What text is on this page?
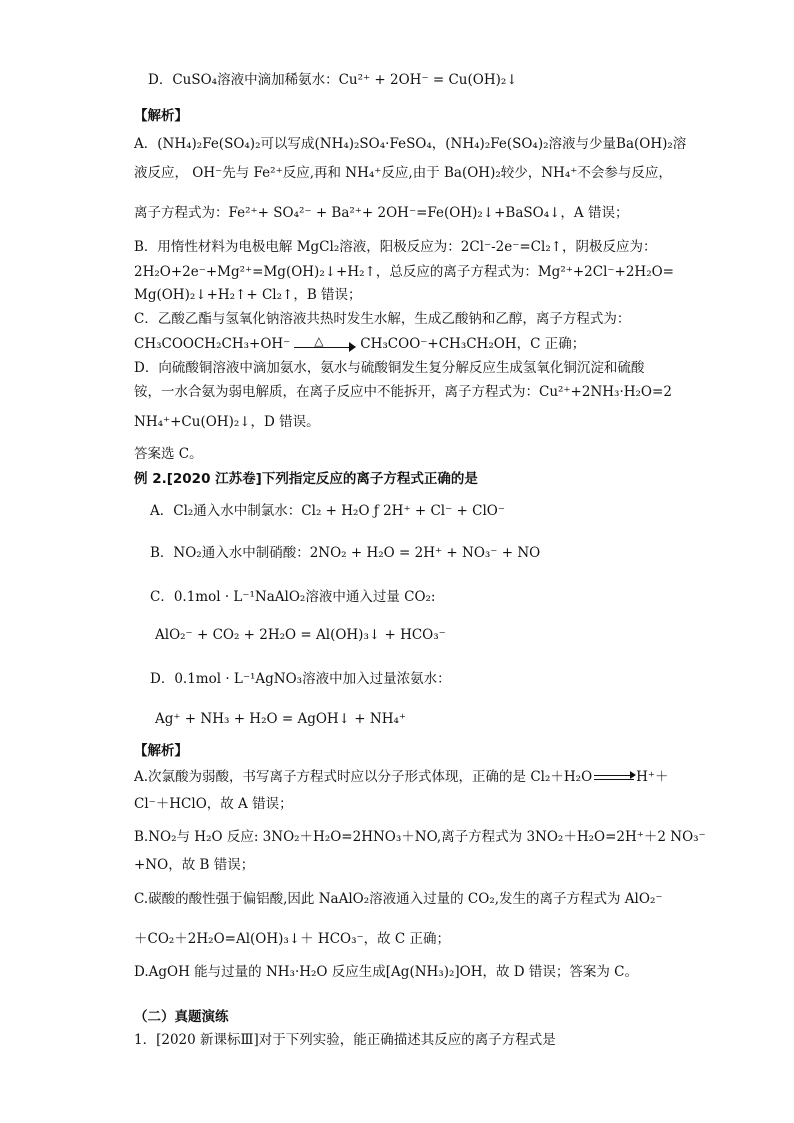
D．CuSO₄溶液中滴加稀氨水：Cu²⁺ + 2OH⁻ = Cu(OH)₂↓
【解析】
A．(NH₄)₂Fe(SO₄)₂可以写成(NH₄)₂SO₄·FeSO₄，(NH₄)₂Fe(SO₄)₂溶液与少量Ba(OH)₂溶
液反应， OH⁻先与 Fe²⁺反应,再和 NH₄⁺反应,由于 Ba(OH)₂较少，NH₄⁺不会参与反应，
离子方程式为：Fe²⁺+ SO₄²⁻ + Ba²⁺+ 2OH⁻=Fe(OH)₂↓+BaSO₄↓，A 错误；
B．用惰性材料为电极电解 MgCl₂溶液，阳极反应为：2Cl⁻-2e⁻=Cl₂↑，阴极反应为：
2H₂O+2e⁻+Mg²⁺=Mg(OH)₂↓+H₂↑，总反应的离子方程式为：Mg²⁺+2Cl⁻+2H₂O=
Mg(OH)₂↓+H₂↑+ Cl₂↑，B 错误；
C．乙酸乙酯与氢氧化钠溶液共热时发生水解，生成乙酸钠和乙醇，离子方程式为：
CH₃COOCH₂CH₃+OH⁻ △	CH₃COO⁻+CH₃CH₂OH，C 正确；
D．向硫酸铜溶液中滴加氨水，氨水与硫酸铜发生复分解反应生成氢氧化铜沉淀和硫酸
铵，一水合氨为弱电解质，在离子反应中不能拆开，离子方程式为：Cu²⁺+2NH₃·H₂O=2
NH₄⁺+Cu(OH)₂↓，D 错误。
答案选 C。
例 2.[2020 江苏卷]下列指定反应的离子方程式正确的是
A．Cl₂通入水中制氯水：Cl₂ + H₂O ƒ 2H⁺ + Cl⁻ + ClO⁻
B．NO₂通入水中制硝酸：2NO₂ + H₂O = 2H⁺ + NO₃⁻ + NO
C．0.1mol · L⁻¹NaAlO₂溶液中通入过量 CO₂:
AlO₂⁻ + CO₂ + 2H₂O = Al(OH)₃↓ + HCO₃⁻
D．0.1mol · L⁻¹AgNO₃溶液中加入过量浓氨水：
Ag⁺ + NH₃ + H₂O = AgOH↓ + NH₄⁺
【解析】
A.次氯酸为弱酸，书写离子方程式时应以分子形式体现，正确的是 Cl₂＋H₂O	H⁺＋
Cl⁻＋HClO，故 A 错误；
B.NO₂与 H₂O 反应: 3NO₂＋H₂O=2HNO₃＋NO,离子方程式为 3NO₂＋H₂O=2H⁺＋2 NO₃⁻
+NO，故 B 错误；
C.碳酸的酸性强于偏铝酸,因此 NaAlO₂溶液通入过量的 CO₂,发生的离子方程式为 AlO₂⁻
＋CO₂＋2H₂O=Al(OH)₃↓＋ HCO₃⁻，故 C 正确；
D.AgOH 能与过量的 NH₃·H₂O 反应生成[Ag(NH₃)₂]OH，故 D 错误；答案为 C。
（二）真题演练
1．[2020 新课标Ⅲ]对于下列实验，能正确描述其反应的离子方程式是
